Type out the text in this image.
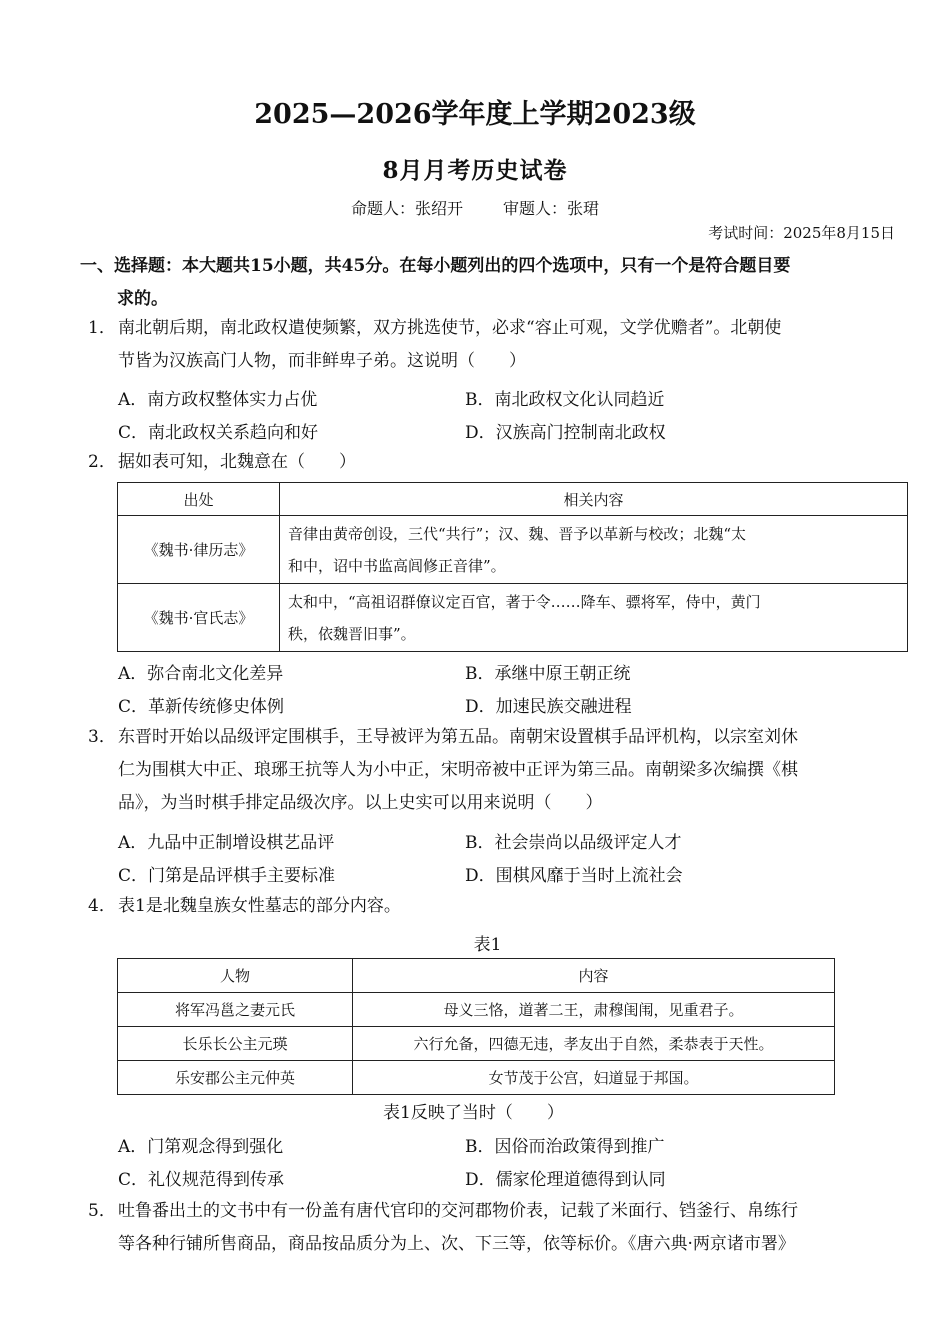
2025—2026学年度上学期2023级
8月月考历史试卷
命题人：张绍开	审题人：张珺
考试时间：2025年8月15日
一、选择题：本大题共15小题，共45分。在每小题列出的四个选项中，只有一个是符合题目要
求的。
1． 南北朝后期，南北政权遣使频繁，双方挑选使节，必求“容止可观，文学优赡者”。北朝使
节皆为汉族高门人物，而非鲜卑子弟。这说明（　　）
A．南方政权整体实力占优	B．南北政权文化认同趋近
C．南北政权关系趋向和好	D．汉族高门控制南北政权
2． 据如表可知，北魏意在（　　）
出处	相关内容
《魏书·律历志》	音律由黄帝创设，三代“共行”；汉、魏、晋予以革新与校改；北魏“太
和中，诏中书监高闾修正音律”。

《魏书·官氏志》	太和中，“高祖诏群僚议定百官，著于令……降车、骠将军，侍中，黄门
秩，依魏晋旧事”。
A．弥合南北文化差异	B．承继中原王朝正统
C．革新传统修史体例	D．加速民族交融进程
3． 东晋时开始以品级评定围棋手，王导被评为第五品。南朝宋设置棋手品评机构，以宗室刘休
仁为围棋大中正、琅琊王抗等人为小中正，宋明帝被中正评为第三品。南朝梁多次编撰《棋
品》，为当时棋手排定品级次序。以上史实可以用来说明（　　）
A．九品中正制增设棋艺品评	B．社会崇尚以品级评定人才
C．门第是品评棋手主要标准	D．围棋风靡于当时上流社会
4． 表1是北魏皇族女性墓志的部分内容。
表1
人物	内容
将军冯邕之妻元氏	母义三恪，道著二王，肃穆闺闱，见重君子。
长乐长公主元瑛	六行允备，四德无违，孝友出于自然，柔恭表于天性。
乐安郡公主元仲英	女节茂于公宫，妇道显于邦国。
表1反映了当时（　　）
A．门第观念得到强化	B．因俗而治政策得到推广
C．礼仪规范得到传承	D．儒家伦理道德得到认同
5． 吐鲁番出土的文书中有一份盖有唐代官印的交河郡物价表，记载了米面行、铛釜行、帛练行
等各种行铺所售商品，商品按品质分为上、次、下三等，依等标价。《唐六典·两京诸市署》
